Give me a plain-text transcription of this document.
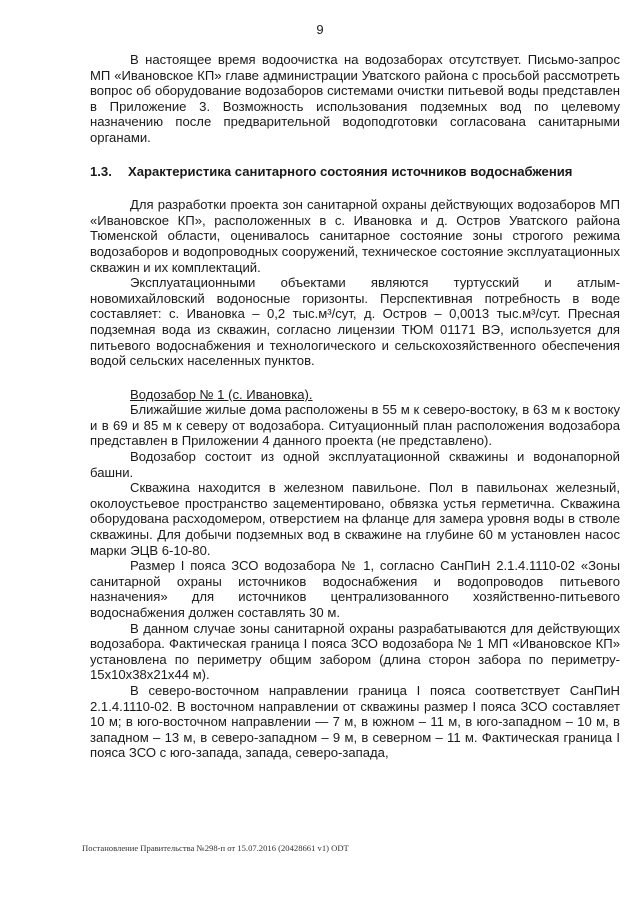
9

В настоящее время водоочистка на водозаборах отсутствует. Письмо-запрос МП «Ивановское КП» главе администрации Уватского района с просьбой рассмотреть вопрос об оборудование водозаборов системами очистки питьевой воды представлен в Приложение 3. Возможность использования подземных вод по целевому назначению после предварительной водоподготовки согласована санитарными органами.

1.3.	Характеристика санитарного состояния источников водоснабжения

Для разработки проекта зон санитарной охраны действующих водозаборов МП «Ивановское КП», расположенных в с. Ивановка и д. Остров Уватского района Тюменской области, оценивалось санитарное состояние зоны строгого режима водозаборов и водопроводных сооружений, техническое состояние эксплуатационных скважин и их комплектаций.

Эксплуатационными объектами являются туртусский и атлым-новомихайловский водоносные горизонты. Перспективная потребность в воде составляет: с. Ивановка – 0,2 тыс.м³/сут, д. Остров – 0,0013 тыс.м³/сут. Пресная подземная вода из скважин, согласно лицензии ТЮМ 01171 ВЭ, используется для питьевого водоснабжения и технологического и сельскохозяйственного обеспечения водой сельских населенных пунктов.

Водозабор № 1 (с. Ивановка).

Ближайшие жилые дома расположены в 55 м к северо-востоку, в 63 м к востоку и в 69 и 85 м к северу от водозабора. Ситуационный план расположения водозабора представлен в Приложении 4 данного проекта (не представлено).

Водозабор состоит из одной эксплуатационной скважины и водонапорной башни.

Скважина находится в железном павильоне. Пол в павильонах железный, околоустьевое пространство зацементировано, обвязка устья герметична. Скважина оборудована расходомером, отверстием на фланце для замера уровня воды в стволе скважины. Для добычи подземных вод в скважине на глубине 60 м установлен насос марки ЭЦВ 6-10-80.

Размер I пояса ЗСО водозабора № 1, согласно СанПиН 2.1.4.1110-02 «Зоны санитарной охраны источников водоснабжения и водопроводов питьевого назначения» для источников централизованного хозяйственно-питьевого водоснабжения должен составлять 30 м.

В данном случае зоны санитарной охраны разрабатываются для действующих водозабора. Фактическая граница I пояса ЗСО водозабора № 1 МП «Ивановское КП» установлена по периметру общим забором (длина сторон забора по периметру- 15х10х38х21х44 м).

В северо-восточном направлении граница I пояса соответствует СанПиН 2.1.4.1110-02. В восточном направлении от скважины размер I пояса ЗСО составляет 10 м; в юго-восточном направлении — 7 м, в южном – 11 м, в юго-западном – 10 м, в западном – 13 м, в северо-западном – 9 м, в северном – 11 м. Фактическая граница I пояса ЗСО с юго-запада, запада, северо-запада,

Постановление Правительства №298-п от 15.07.2016 (20428661 v1) ODT
